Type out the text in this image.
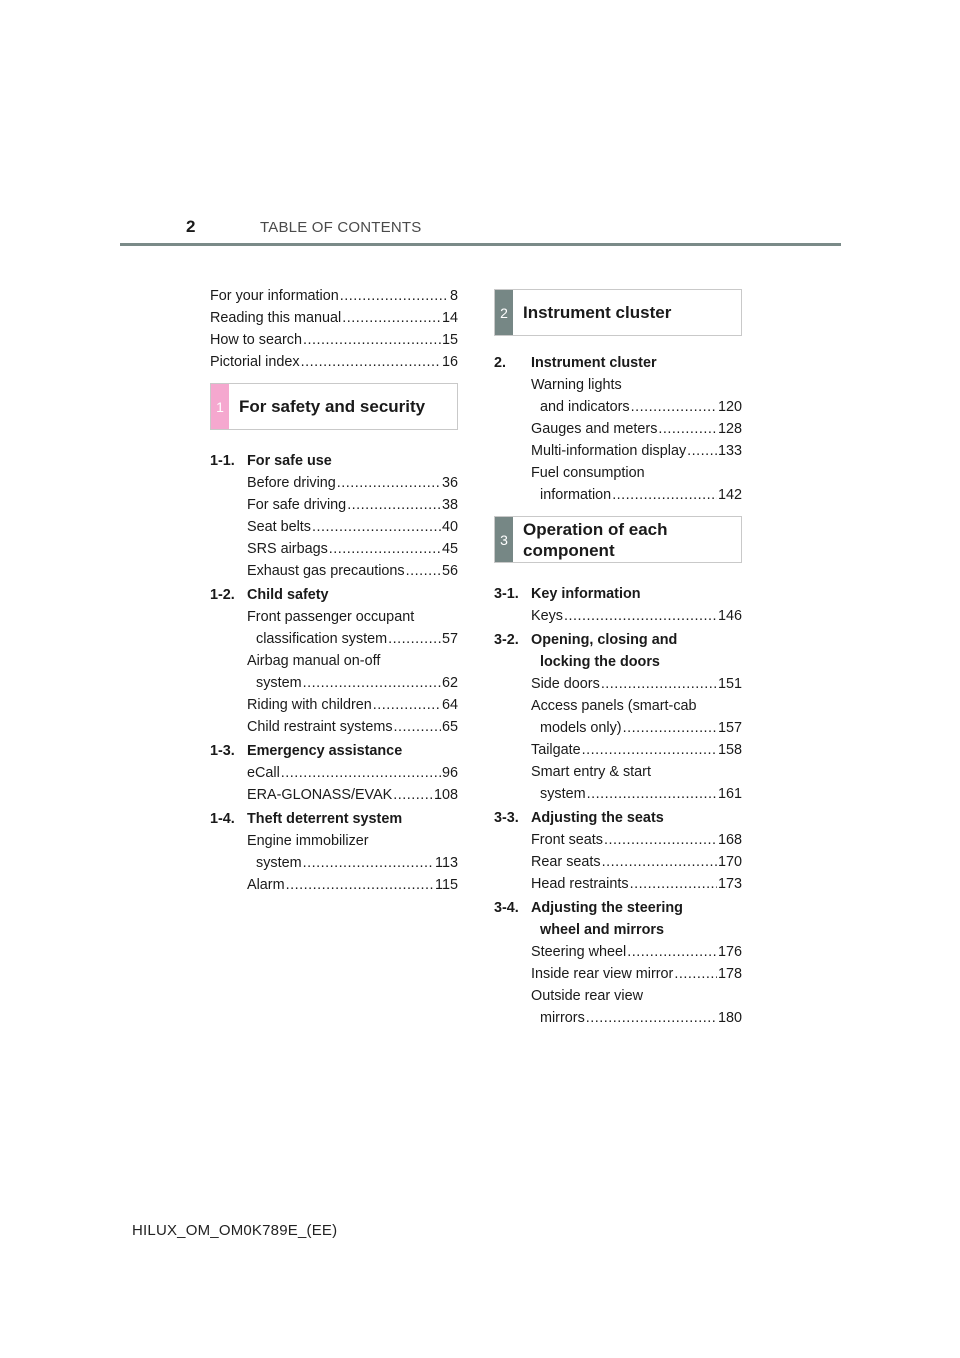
2	TABLE OF CONTENTS
For your information .....	8
Reading this manual .....	14
How to search .....	15
Pictorial index .....	16
1 For safety and security
1-1. For safe use
Before driving .....	36
For safe driving .....	38
Seat belts .....	40
SRS airbags .....	45
Exhaust gas precautions .....	56
1-2. Child safety
Front passenger occupant
classification system .....	57
Airbag manual on-off
system .....	62
Riding with children .....	64
Child restraint systems .....	65
1-3. Emergency assistance
eCall .....	96
ERA-GLONASS/EVAK .....	108
1-4. Theft deterrent system
Engine immobilizer
system .....	113
Alarm .....	115
2 Instrument cluster
2.	Instrument cluster
Warning lights
and indicators .....	120
Gauges and meters .....	128
Multi-information display ..... 133
Fuel consumption
information .....	142
3
Operation of each component
3-1. Key information
Keys .....	146
3-2. Opening, closing and
locking the doors
Side doors .....	151
Access panels (smart-cab
models only) .....	157
Tailgate .....	158
Smart entry & start
system .....	161
3-3. Adjusting the seats
Front seats .....	168
Rear seats .....	170
Head restraints .....	173
3-4. Adjusting the steering
wheel and mirrors
Steering wheel .....	176
Inside rear view mirror .....	178
Outside rear view
mirrors .....	180
HILUX_OM_OM0K789E_(EE)
